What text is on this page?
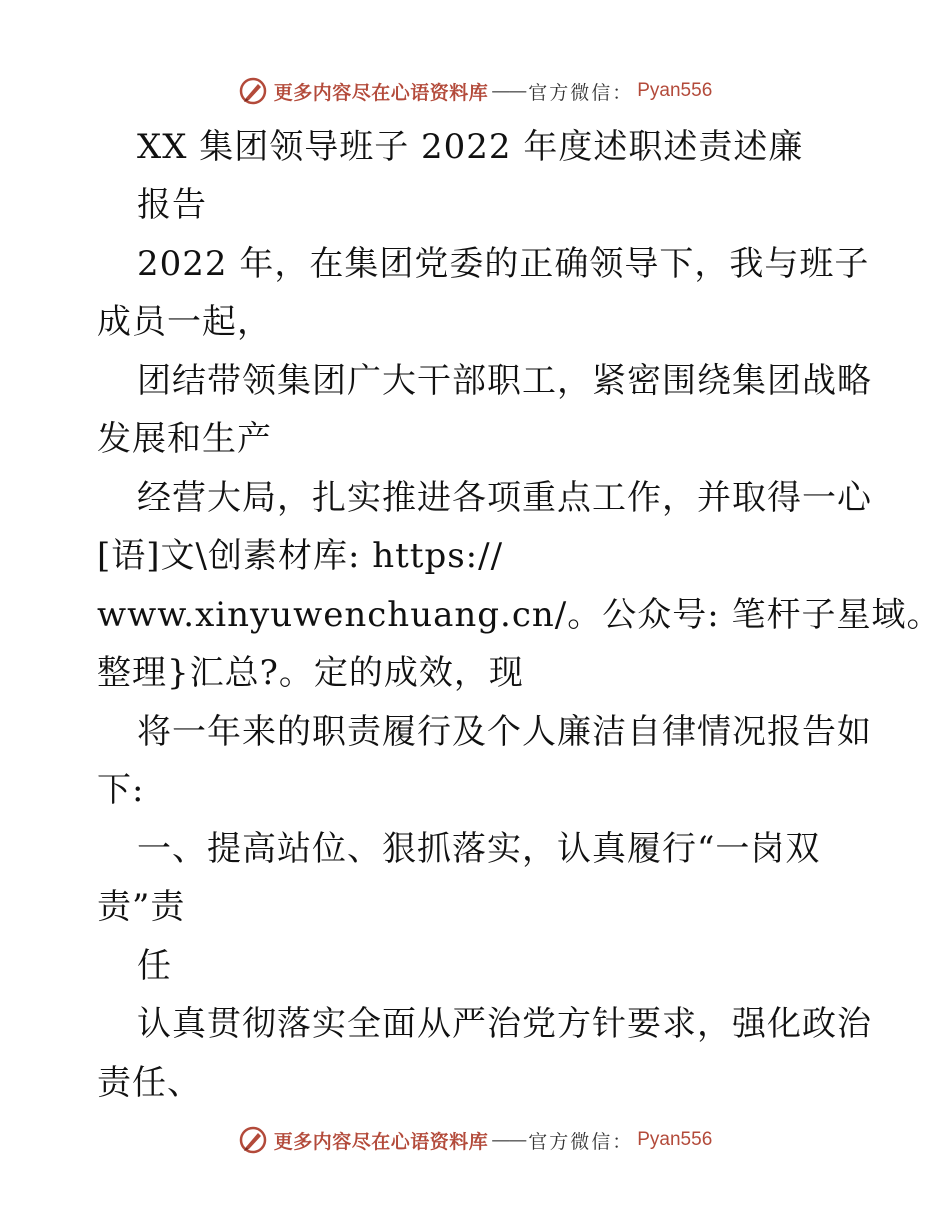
更多内容尽在心语资料库 —— 官方微信： Pyan556
XX 集团领导班子 2022 年度述职述责述廉
报告
2022 年，在集团党委的正确领导下，我与班子
成员一起，
团结带领集团广大干部职工，紧密围绕集团战略
发展和生产
经营大局，扎实推进各项重点工作，并取得一心
[语]文\创素材库: https://
www.xinyuwenchuang.cn/。公众号: 笔杆子星域。
整理}汇总?。定的成效，现
将一年来的职责履行及个人廉洁自律情况报告如
下:
一、提高站位、狠抓落实，认真履行“一岗双
责”责
任
认真贯彻落实全面从严治党方针要求，强化政治
责任、
更多内容尽在心语资料库 —— 官方微信： Pyan556
